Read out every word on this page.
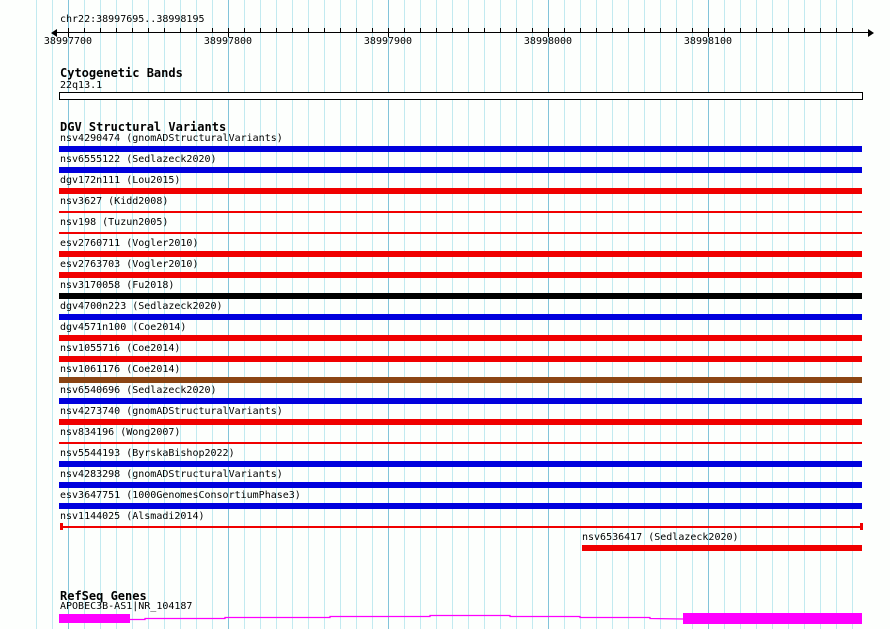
chr22:38997695..38998195
38997700	38997800	38997900	38998000	38998100
Cytogenetic Bands
22q13.1
DGV Structural Variants
nsv4290474 (gnomADStructuralVariants)
nsv6555122 (Sedlazeck2020)
dgv172n111 (Lou2015)
nsv3627 (Kidd2008)
nsv198 (Tuzun2005)
esv2760711 (Vogler2010)
esv2763703 (Vogler2010)
nsv3170058 (Fu2018)
dgv4700n223 (Sedlazeck2020)
dgv4571n100 (Coe2014)
nsv1055716 (Coe2014)
nsv1061176 (Coe2014)
nsv6540696 (Sedlazeck2020)
nsv4273740 (gnomADStructuralVariants)
nsv834196 (Wong2007)
nsv5544193 (ByrskaBishop2022)
nsv4283298 (gnomADStructuralVariants)
esv3647751 (1000GenomesConsortiumPhase3)
nsv1144025 (Alsmadi2014)
nsv6536417 (Sedlazeck2020)
RefSeq Genes
APOBEC3B-AS1|NR_104187
